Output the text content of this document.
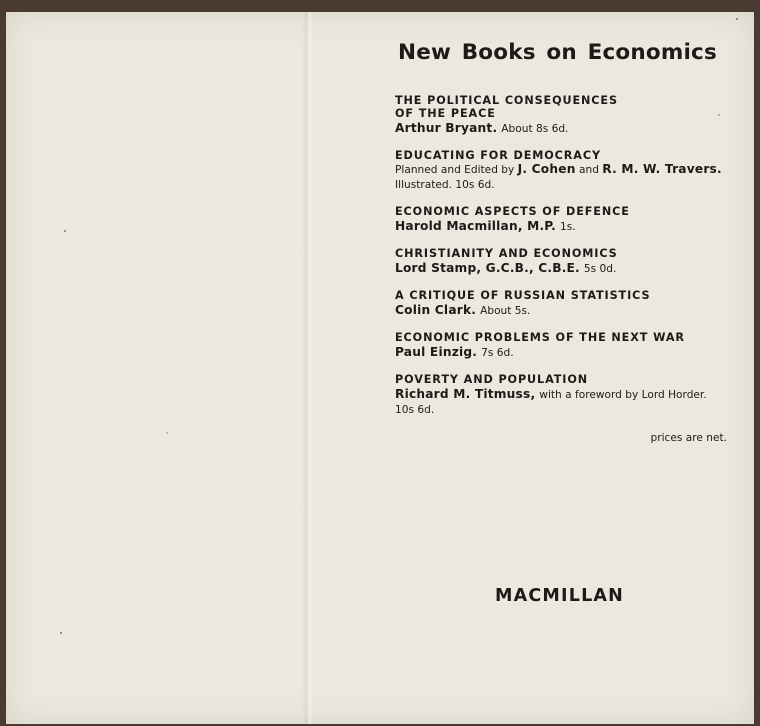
New Books on Economics
THE POLITICAL CONSEQUENCES
OF THE PEACE
Arthur Bryant. About 8s 6d.
EDUCATING FOR DEMOCRACY
Planned and Edited by J. Cohen and R. M. W. Travers.
Illustrated. 10s 6d.
ECONOMIC ASPECTS OF DEFENCE
Harold Macmillan, M.P. 1s.
CHRISTIANITY AND ECONOMICS
Lord Stamp, G.C.B., C.B.E. 5s 0d.
A CRITIQUE OF RUSSIAN STATISTICS
Colin Clark. About 5s.
ECONOMIC PROBLEMS OF THE NEXT WAR
Paul Einzig. 7s 6d.
POVERTY AND POPULATION
Richard M. Titmuss, with a foreword by Lord Horder.
10s 6d.
prices are net.
MACMILLAN
